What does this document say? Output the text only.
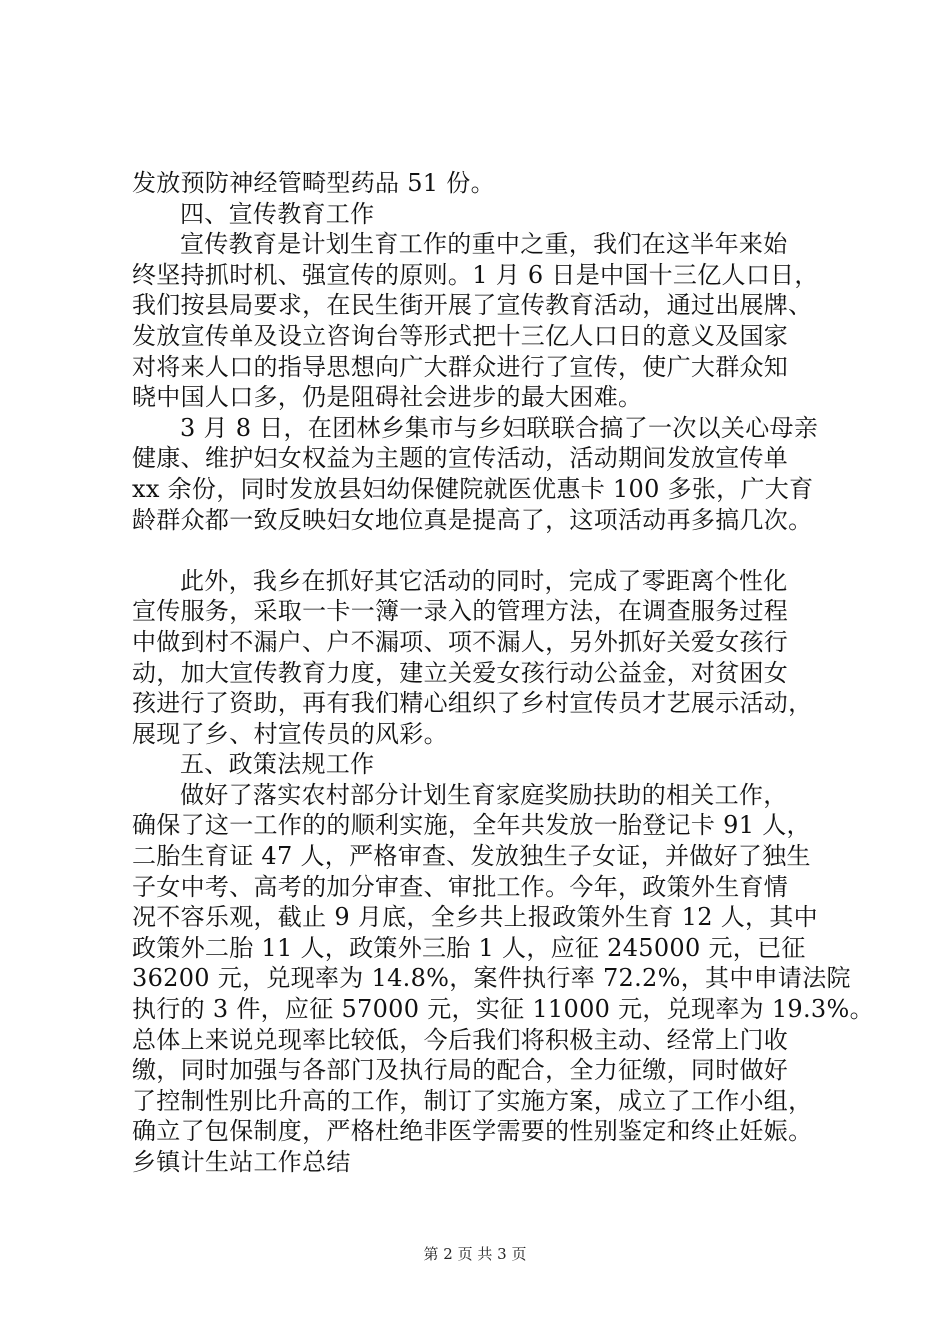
发放预防神经管畸型药品 51 份。
四、宣传教育工作
宣传教育是计划生育工作的重中之重，我们在这半年来始
终坚持抓时机、强宣传的原则。1 月 6 日是中国十三亿人口日，
我们按县局要求，在民生街开展了宣传教育活动，通过出展牌、
发放宣传单及设立咨询台等形式把十三亿人口日的意义及国家
对将来人口的指导思想向广大群众进行了宣传，使广大群众知
晓中国人口多，仍是阻碍社会进步的最大困难。
3 月 8 日，在团林乡集市与乡妇联联合搞了一次以关心母亲
健康、维护妇女权益为主题的宣传活动，活动期间发放宣传单
xx 余份，同时发放县妇幼保健院就医优惠卡 100 多张，广大育
龄群众都一致反映妇女地位真是提高了，这项活动再多搞几次。
此外，我乡在抓好其它活动的同时，完成了零距离个性化
宣传服务，采取一卡一簿一录入的管理方法，在调查服务过程
中做到村不漏户、户不漏项、项不漏人，另外抓好关爱女孩行
动，加大宣传教育力度，建立关爱女孩行动公益金，对贫困女
孩进行了资助，再有我们精心组织了乡村宣传员才艺展示活动，
展现了乡、村宣传员的风彩。
五、政策法规工作
做好了落实农村部分计划生育家庭奖励扶助的相关工作，
确保了这一工作的的顺利实施，全年共发放一胎登记卡 91 人，
二胎生育证 47 人，严格审查、发放独生子女证，并做好了独生
子女中考、高考的加分审查、审批工作。今年，政策外生育情
况不容乐观，截止 9 月底，全乡共上报政策外生育 12 人，其中
政策外二胎 11 人，政策外三胎 1 人，应征 245000 元，已征
36200 元，兑现率为 14.8%，案件执行率 72.2%，其中申请法院
执行的 3 件，应征 57000 元，实征 11000 元，兑现率为 19.3%。
总体上来说兑现率比较低，今后我们将积极主动、经常上门收
缴，同时加强与各部门及执行局的配合，全力征缴，同时做好
了控制性别比升高的工作，制订了实施方案，成立了工作小组，
确立了包保制度，严格杜绝非医学需要的性别鉴定和终止妊娠。
乡镇计生站工作总结
第 2 页 共 3 页
